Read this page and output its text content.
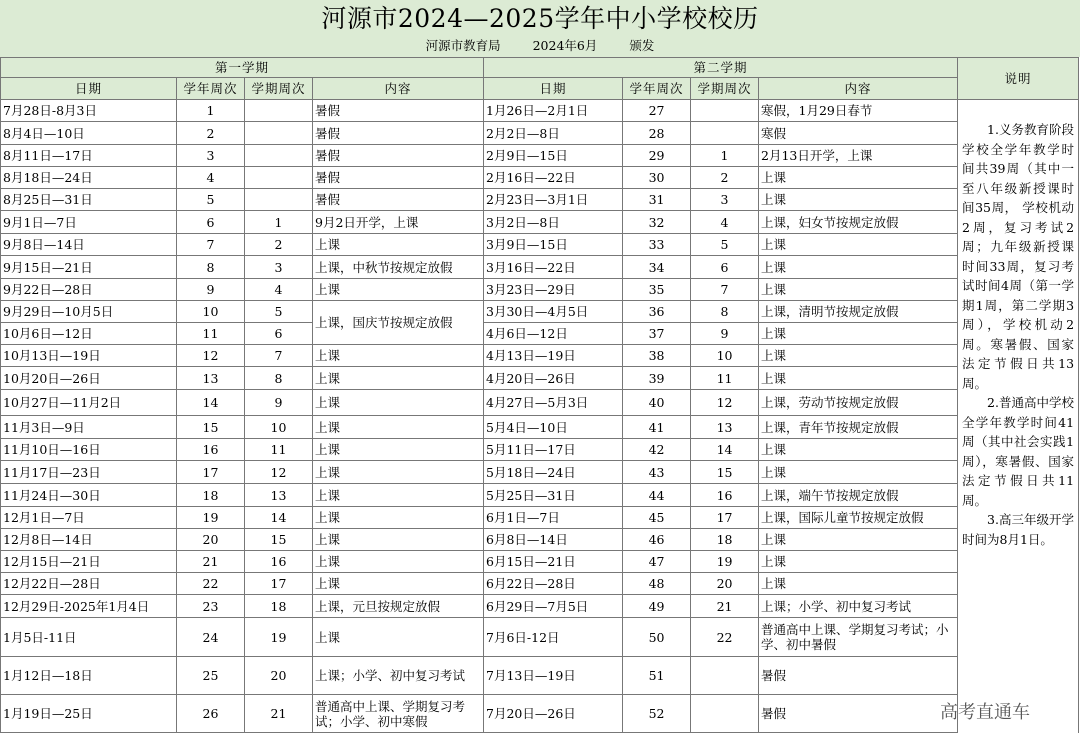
河源市2024—2025学年中小学校校历
河源市教育局	2024年6月	颁发
第一学期				第二学期				说明
日期	学年周次	学期周次	内容	日期	学年周次	学期周次	内容	
7月28日-8月3日	1		暑假	1月26日—2月1日	27		寒假，1月29日春节	1.义务教育阶段学校全学年教学时间共39周（其中一至八年级新授课时间35周， 学校机动2周，复习考试2周；九年级新授课时间33周，复习考试时间4周（第一学期1周，第二学期3周），学校机动2周。寒暑假、国家法定节假日共13周。

2.普通高中学校全学年教学时间41周（其中社会实践1周），寒暑假、国家法定节假日共11周。

3.高三年级开学时间为8月1日。

8月4日—10日	2		暑假	2月2日—8日	28		寒假	
8月11日—17日	3		暑假	2月9日—15日	29	1	2月13日开学，上课	
8月18日—24日	4		暑假	2月16日—22日	30	2	上课	
8月25日—31日	5		暑假	2月23日—3月1日	31	3	上课	
9月1日—7日	6	1	9月2日开学，上课	3月2日—8日	32	4	上课，妇女节按规定放假	
9月8日—14日	7	2	上课	3月9日—15日	33	5	上课	
9月15日—21日	8	3	上课，中秋节按规定放假	3月16日—22日	34	6	上课	
9月22日—28日	9	4	上课	3月23日—29日	35	7	上课	
9月29日—10月5日	10	5	上课，国庆节按规定放假	3月30日—4月5日	36	8	上课，清明节按规定放假	
10月6日—12日	11	6		4月6日—12日	37	9	上课	
10月13日—19日	12	7	上课	4月13日—19日	38	10	上课	
10月20日—26日	13	8	上课	4月20日—26日	39	11	上课	
10月27日—11月2日	14	9	上课	4月27日—5月3日	40	12	上课，劳动节按规定放假	
11月3日—9日	15	10	上课	5月4日—10日	41	13	上课，青年节按规定放假	
11月10日—16日	16	11	上课	5月11日—17日	42	14	上课	
11月17日—23日	17	12	上课	5月18日—24日	43	15	上课	
11月24日—30日	18	13	上课	5月25日—31日	44	16	上课，端午节按规定放假	
12月1日—7日	19	14	上课	6月1日—7日	45	17	上课，国际儿童节按规定放假	
12月8日—14日	20	15	上课	6月8日—14日	46	18	上课	
12月15日—21日	21	16	上课	6月15日—21日	47	19	上课	
12月22日—28日	22	17	上课	6月22日—28日	48	20	上课	
12月29日-2025年1月4日	23	18	上课，元旦按规定放假	6月29日—7月5日	49	21	上课；小学、初中复习考试	
1月5日-11日	24	19	上课	7月6日-12日	50	22	普通高中上课、学期复习考试；小学、初中暑假	
1月12日—18日	25	20	上课；小学、初中复习考试	7月13日—19日	51		暑假	
1月19日—25日	26	21	普通高中上课、学期复习考试；小学、初中寒假	7月20日—26日	52		暑假		高考直通车
